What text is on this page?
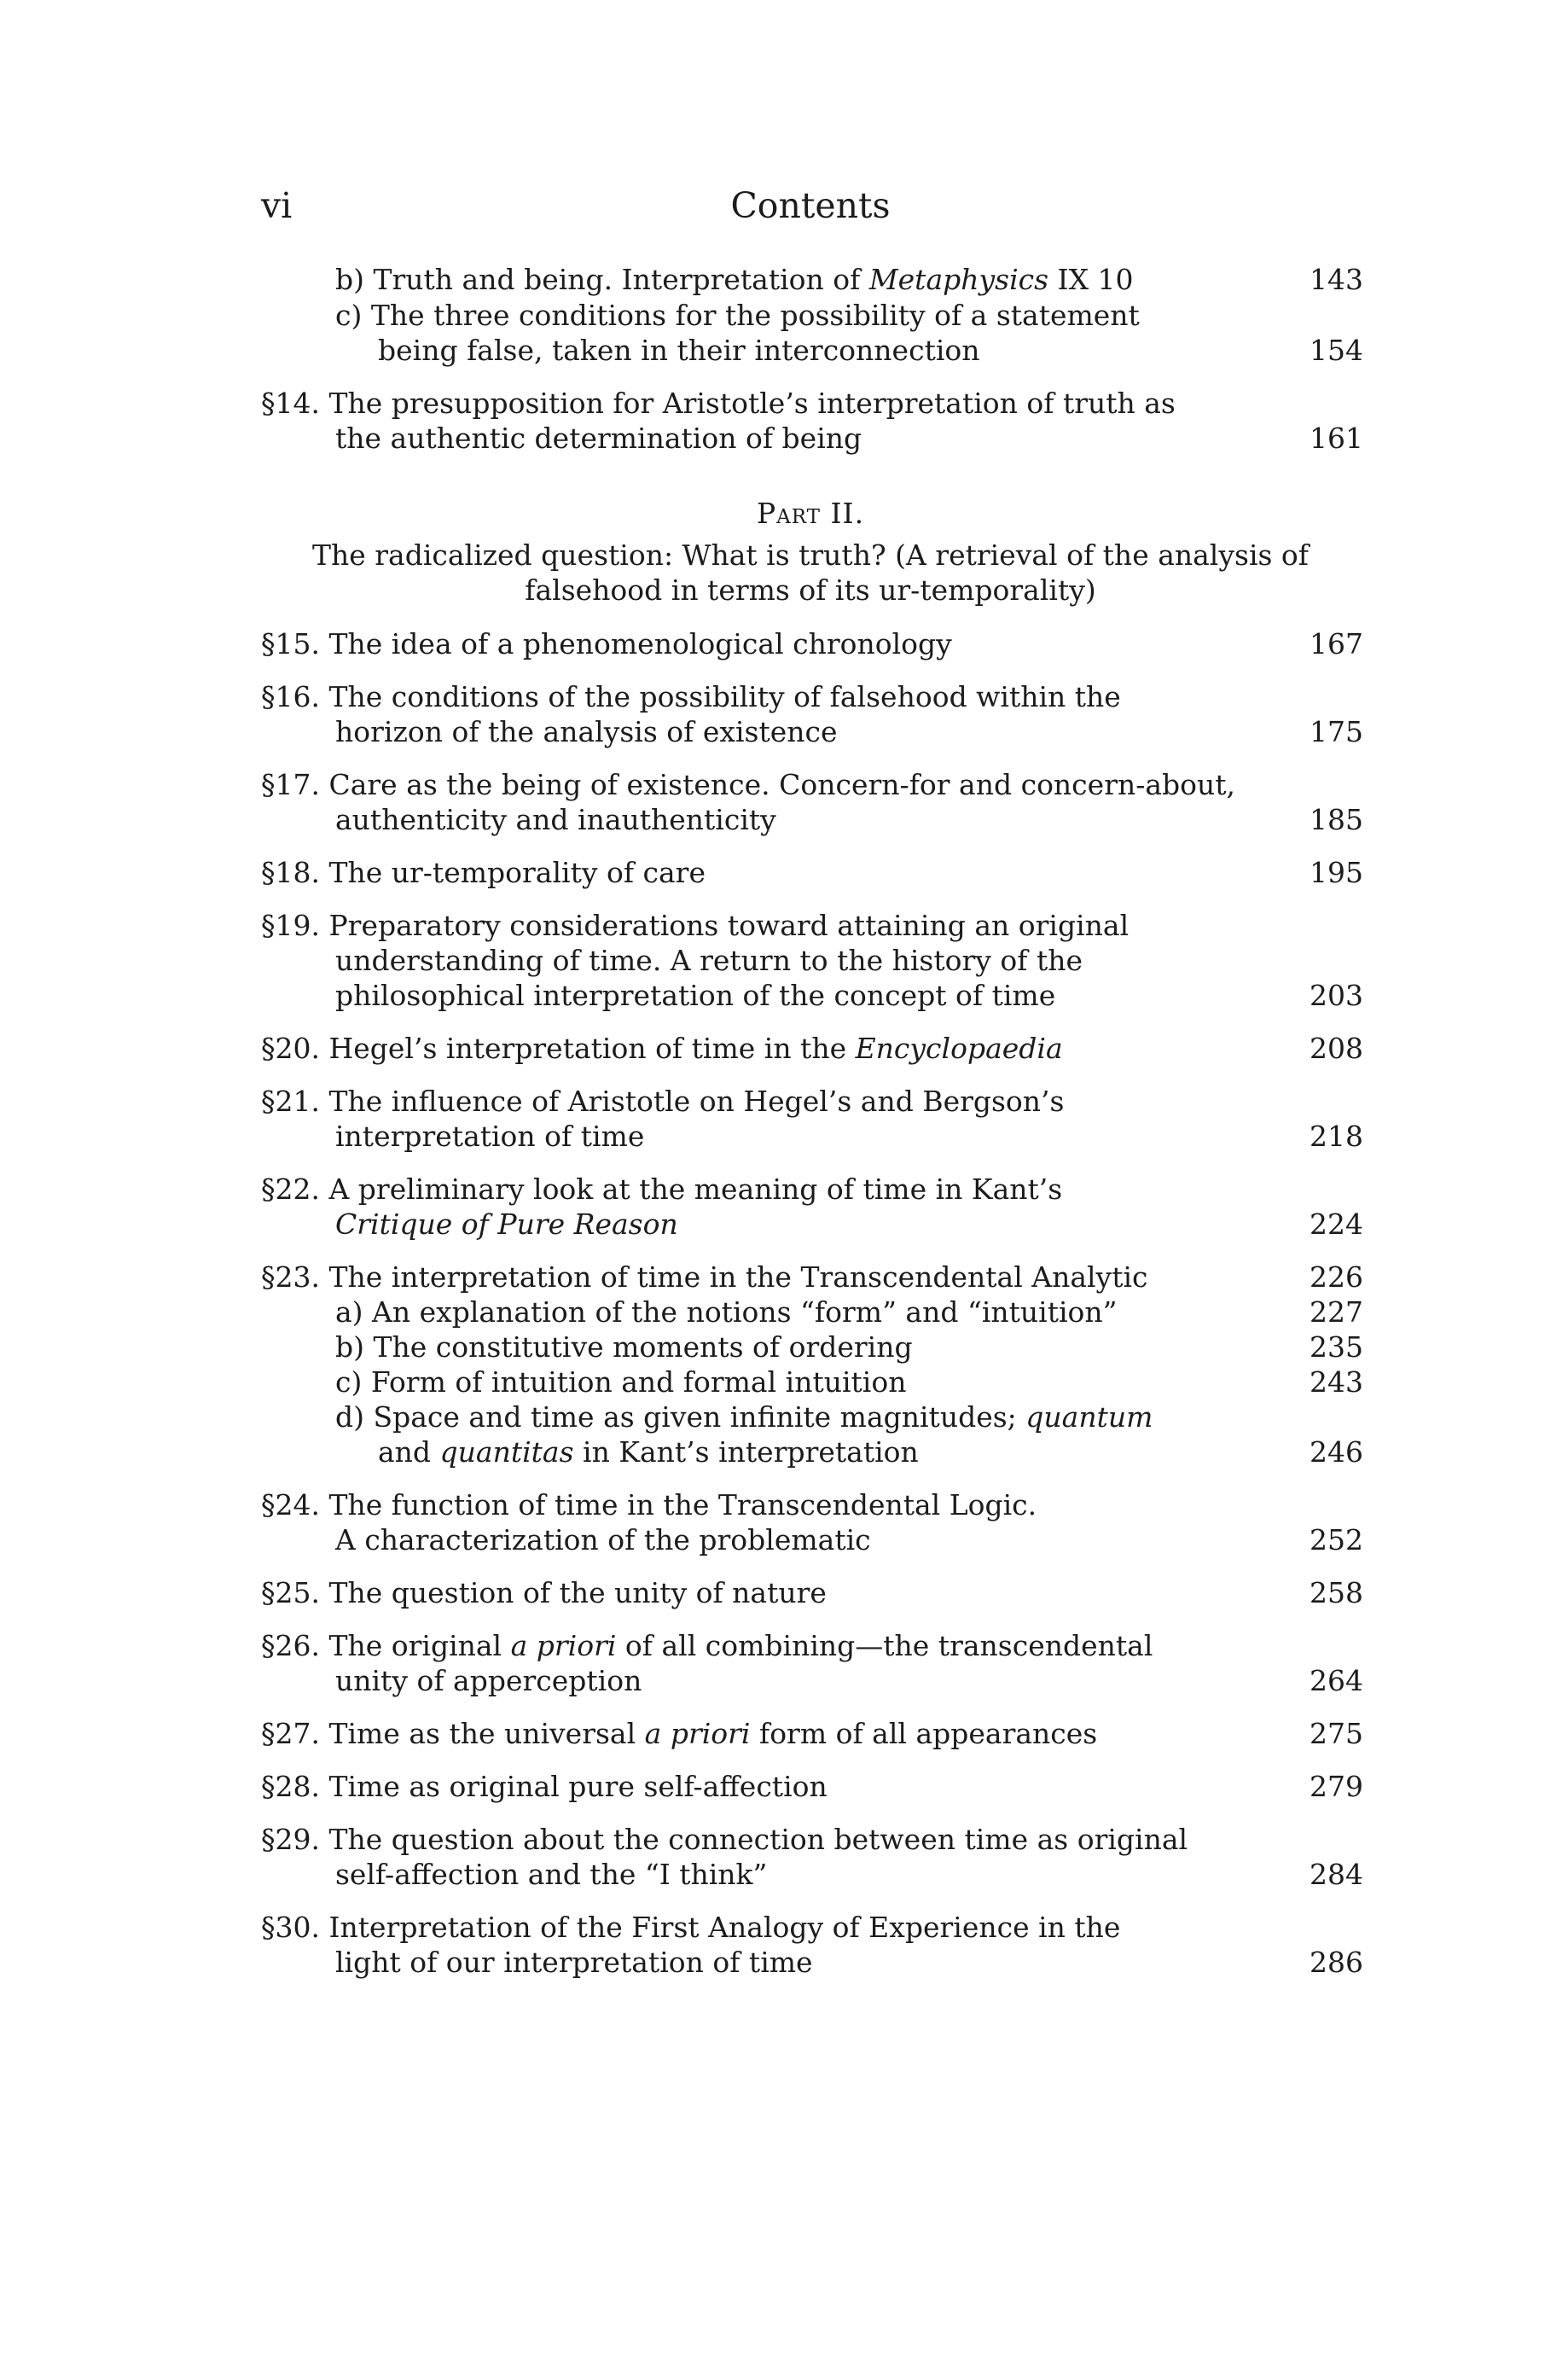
vi	Contents
b) Truth and being. Interpretation of Metaphysics IX 10	143
c) The three conditions for the possibility of a statement
being false, taken in their interconnection	154
§14. The presupposition for Aristotle’s interpretation of truth as
the authentic determination of being	161
Part II.
The radicalized question: What is truth? (A retrieval of the analysis of
falsehood in terms of its ur-temporality)
§15. The idea of a phenomenological chronology	167
§16. The conditions of the possibility of falsehood within the
horizon of the analysis of existence	175
§17. Care as the being of existence. Concern-for and concern-about,
authenticity and inauthenticity	185
§18. The ur-temporality of care	195
§19. Preparatory considerations toward attaining an original
understanding of time. A return to the history of the
philosophical interpretation of the concept of time	203
§20. Hegel’s interpretation of time in the Encyclopaedia	208
§21. The influence of Aristotle on Hegel’s and Bergson’s
interpretation of time	218
§22. A preliminary look at the meaning of time in Kant’s
Critique of Pure Reason	224
§23. The interpretation of time in the Transcendental Analytic	226
a) An explanation of the notions “form” and “intuition”	227
b) The constitutive moments of ordering	235
c) Form of intuition and formal intuition	243
d) Space and time as given infinite magnitudes; quantum
and quantitas in Kant’s interpretation	246
§24. The function of time in the Transcendental Logic.
A characterization of the problematic	252
§25. The question of the unity of nature	258
§26. The original a priori of all combining—the transcendental
unity of apperception	264
§27. Time as the universal a priori form of all appearances	275
§28. Time as original pure self-affection	279
§29. The question about the connection between time as original
self-affection and the “I think”	284
§30. Interpretation of the First Analogy of Experience in the
light of our interpretation of time	286
